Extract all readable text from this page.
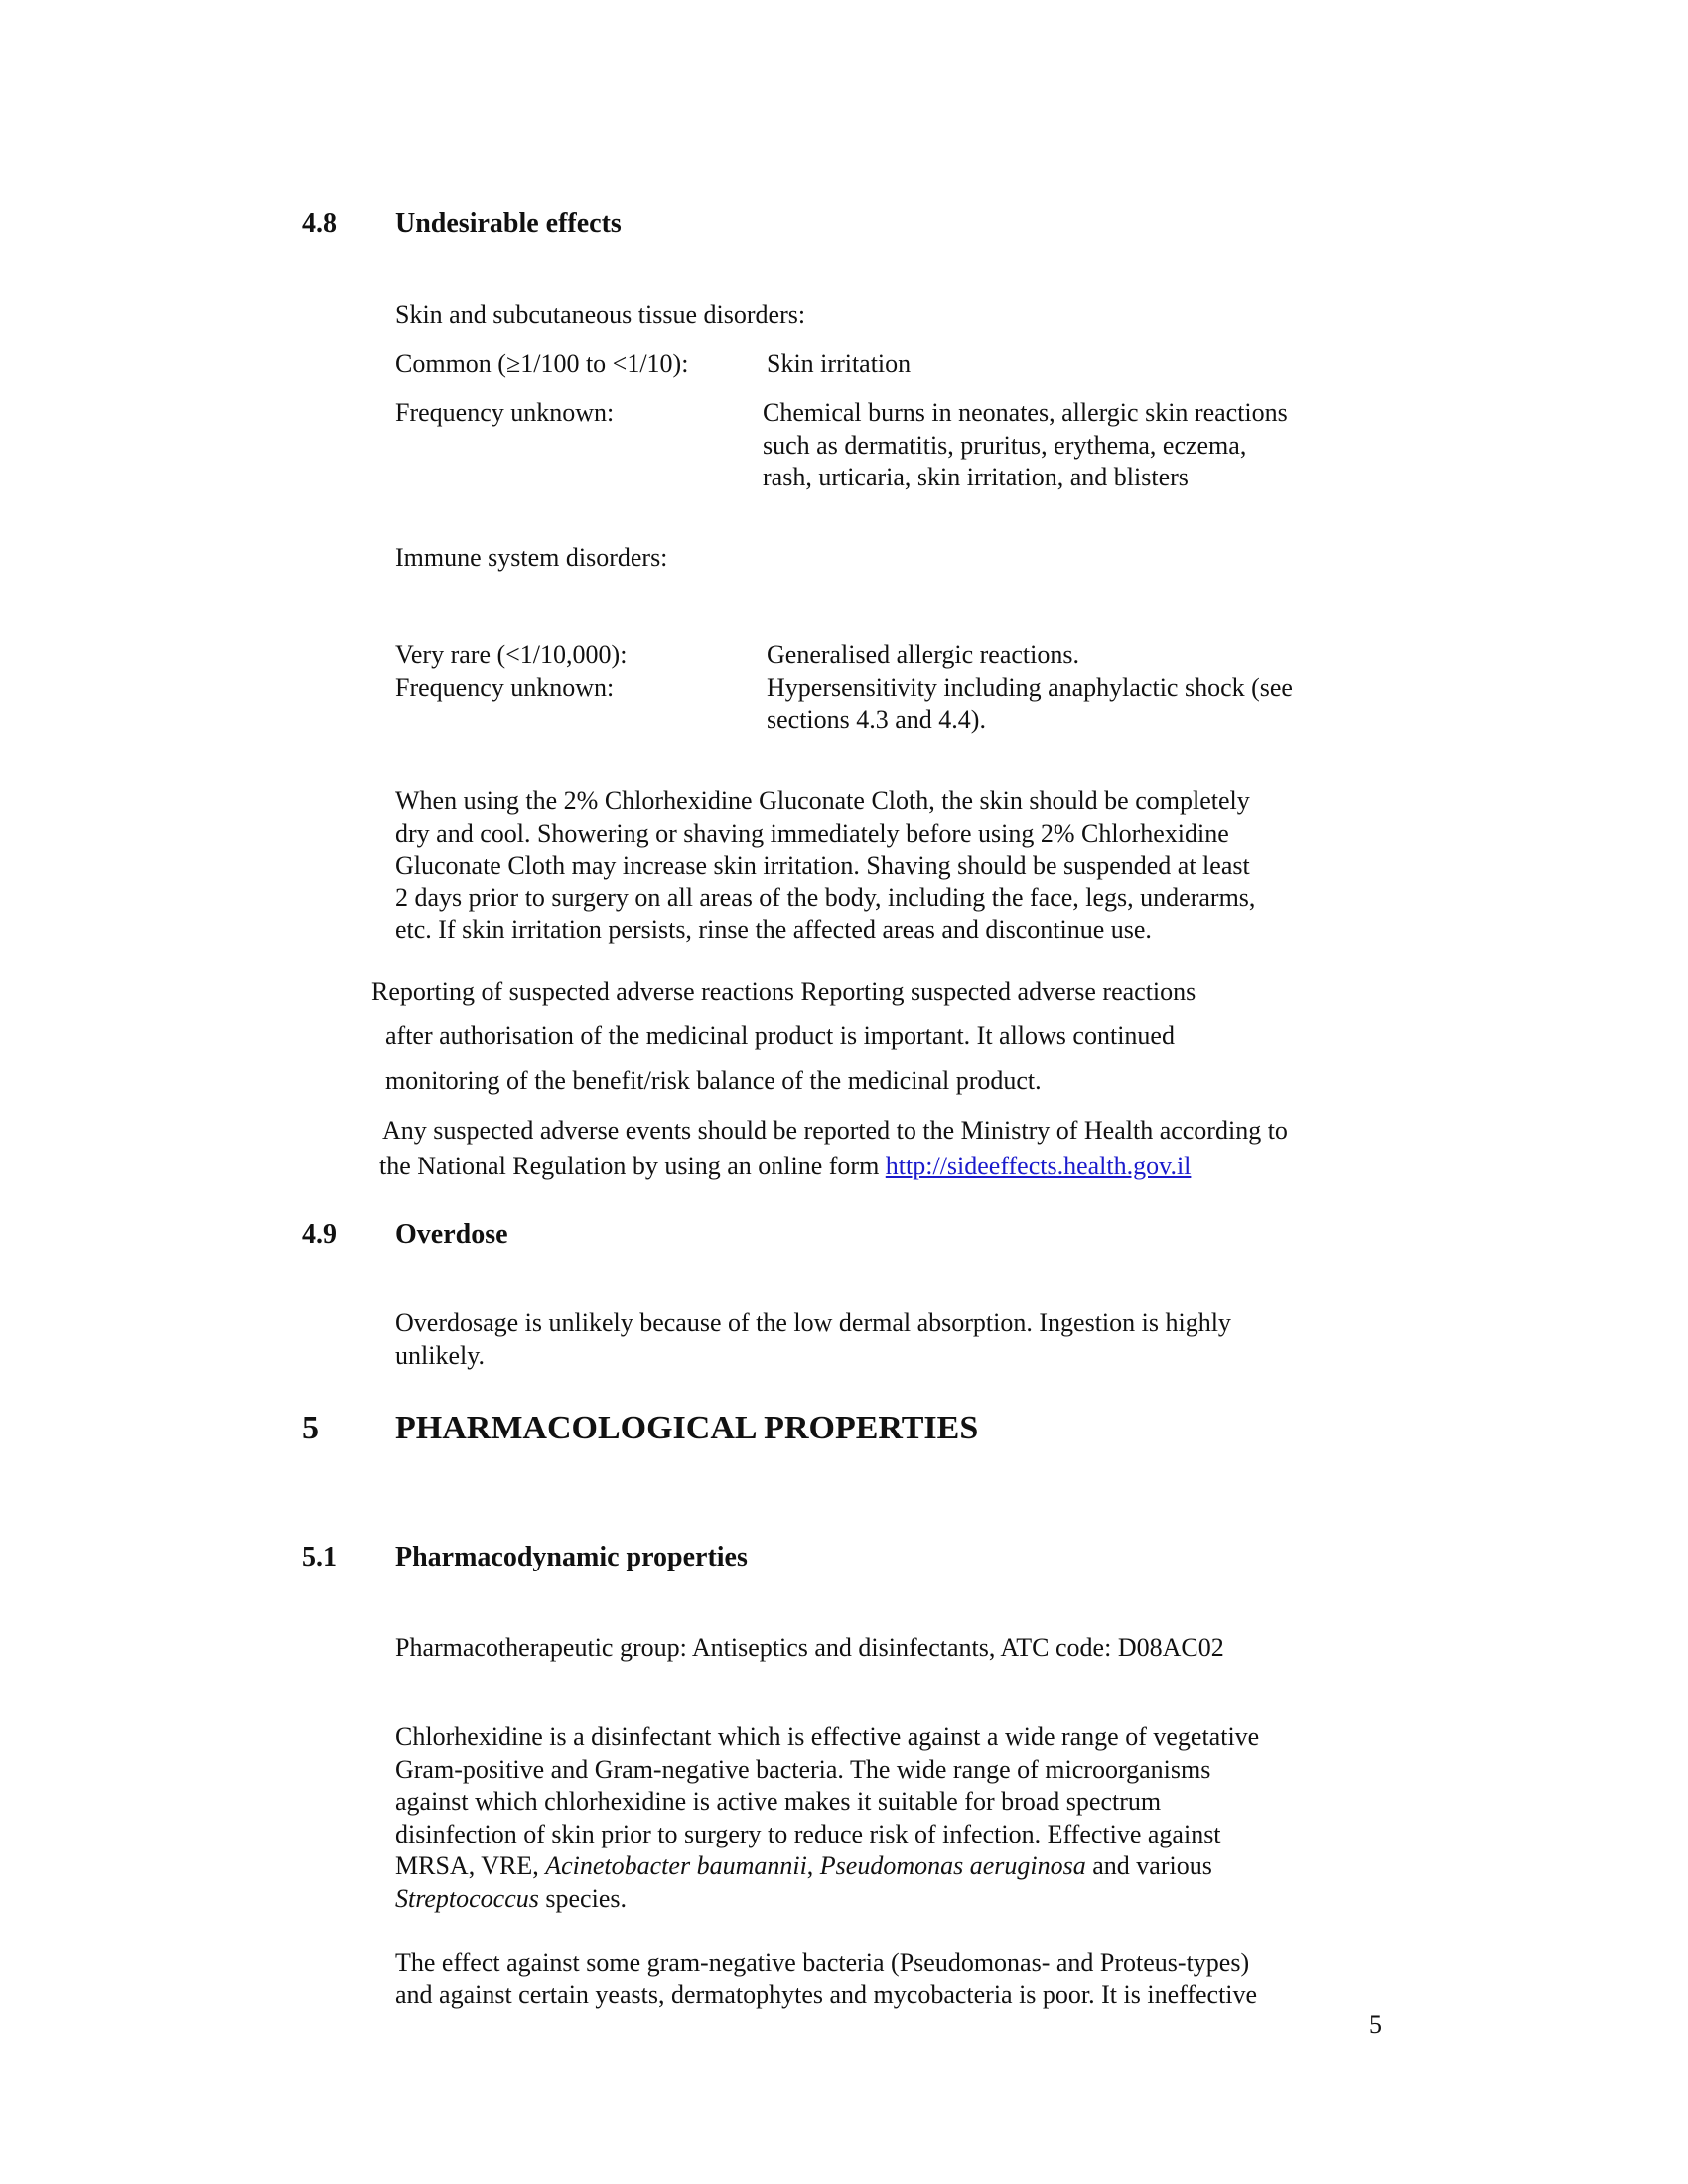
4.8 Undesirable effects
Skin and subcutaneous tissue disorders:
Common (≥1/100 to <1/10):	Skin irritation
Frequency unknown:	Chemical burns in neonates, allergic skin reactions
such as dermatitis, pruritus, erythema, eczema,
rash, urticaria, skin irritation, and blisters
Immune system disorders:
Very rare (<1/10,000):	Generalised allergic reactions.
Frequency unknown:	Hypersensitivity including anaphylactic shock (see
sections 4.3 and 4.4).
When using the 2% Chlorhexidine Gluconate Cloth, the skin should be completely
dry and cool. Showering or shaving immediately before using 2% Chlorhexidine
Gluconate Cloth may increase skin irritation. Shaving should be suspended at least
2 days prior to surgery on all areas of the body, including the face, legs, underarms,
etc. If skin irritation persists, rinse the affected areas and discontinue use.
Reporting of suspected adverse reactions Reporting suspected adverse reactions
after authorisation of the medicinal product is important. It allows continued
monitoring of the benefit/risk balance of the medicinal product.
Any suspected adverse events should be reported to the Ministry of Health according to
the National Regulation by using an online form http://sideeffects.health.gov.il
4.9 Overdose
Overdosage is unlikely because of the low dermal absorption. Ingestion is highly
unlikely.
5 PHARMACOLOGICAL PROPERTIES
5.1 Pharmacodynamic properties
Pharmacotherapeutic group: Antiseptics and disinfectants, ATC code: D08AC02
Chlorhexidine is a disinfectant which is effective against a wide range of vegetative
Gram-positive and Gram-negative bacteria. The wide range of microorganisms
against which chlorhexidine is active makes it suitable for broad spectrum
disinfection of skin prior to surgery to reduce risk of infection. Effective against
MRSA, VRE, Acinetobacter baumannii, Pseudomonas aeruginosa and various
Streptococcus species.
The effect against some gram-negative bacteria (Pseudomonas- and Proteus-types)
and against certain yeasts, dermatophytes and mycobacteria is poor. It is ineffective
5
